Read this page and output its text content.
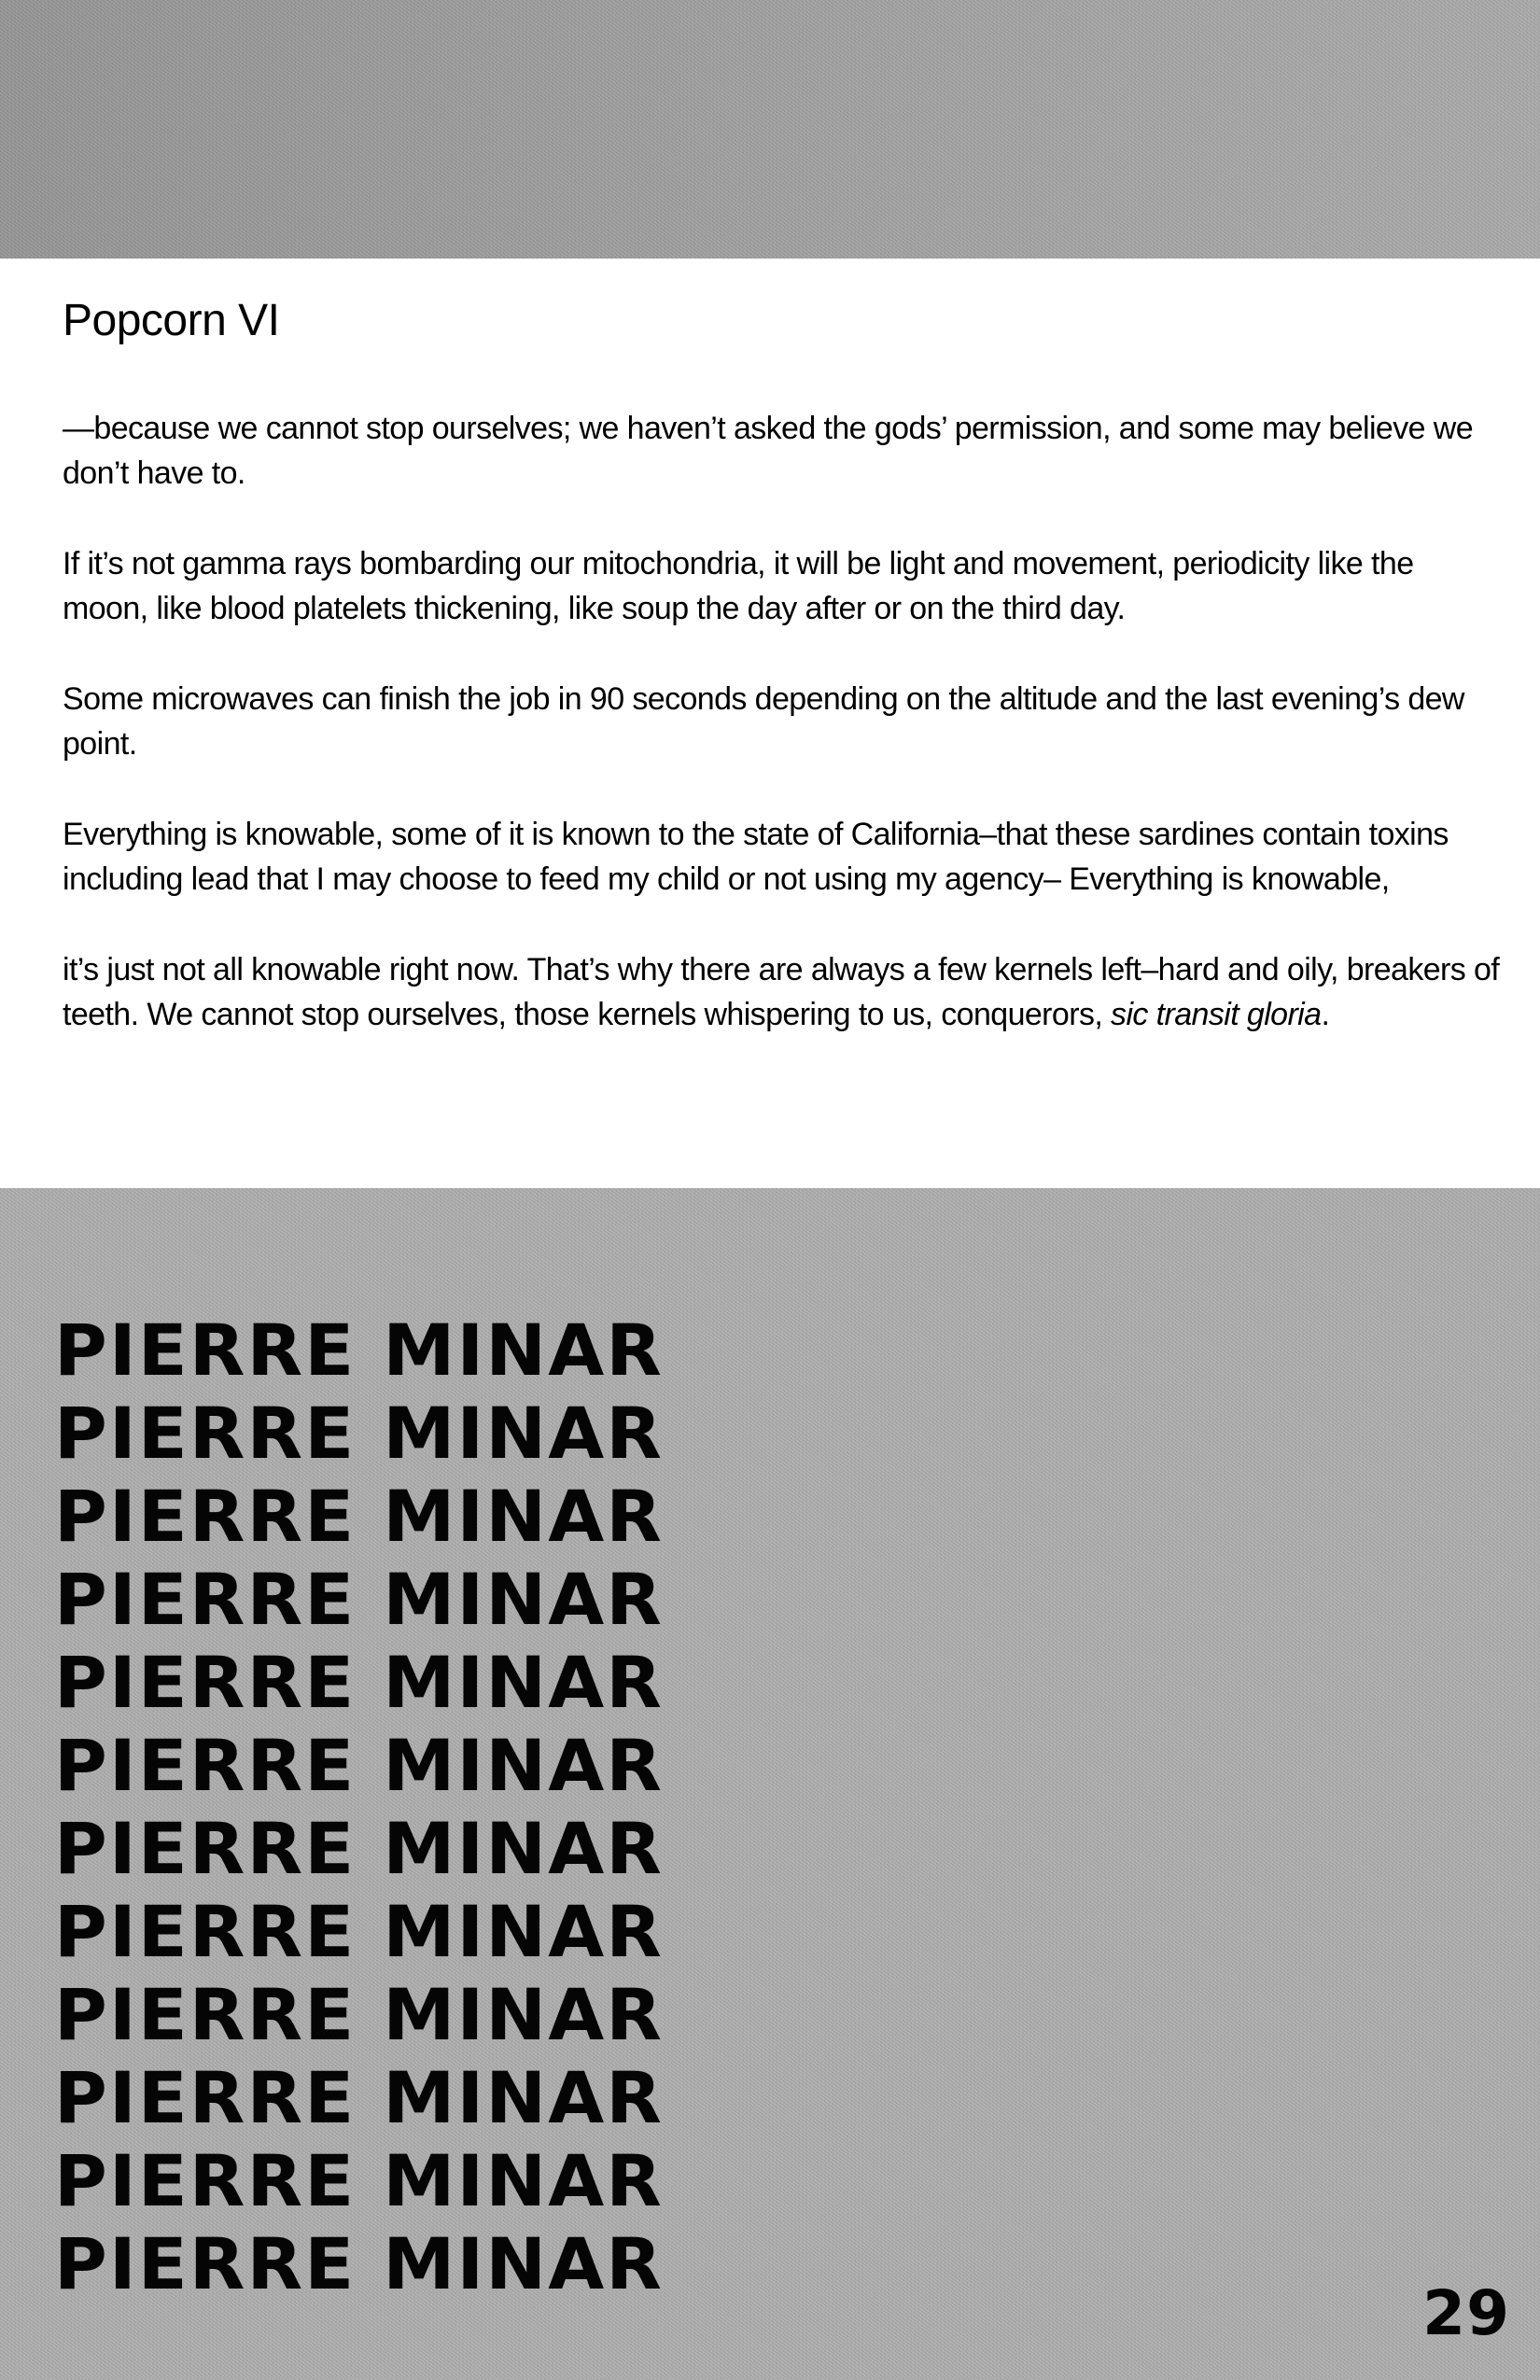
Popcorn VI

—because we cannot stop ourselves; we haven’t asked the gods’ permission, and some may believe we don’t have to.

If it’s not gamma rays bombarding our mitochondria, it will be light and movement, periodicity like the moon, like blood platelets thickening, like soup the day after or on the third day.

Some microwaves can finish the job in 90 seconds depending on the altitude and the last evening’s dew point.

Everything is knowable, some of it is known to the state of California–that these sardines contain toxins including lead that I may choose to feed my child or not using my agency– Everything is knowable,

it’s just not all knowable right now. That’s why there are always a few kernels left–hard and oily, breakers of teeth. We cannot stop ourselves, those kernels whispering to us, conquerors, sic transit gloria.

PIERRE MINAR
PIERRE MINAR
PIERRE MINAR
PIERRE MINAR
PIERRE MINAR
PIERRE MINAR
PIERRE MINAR
PIERRE MINAR
PIERRE MINAR
PIERRE MINAR
PIERRE MINAR
PIERRE MINAR
29
